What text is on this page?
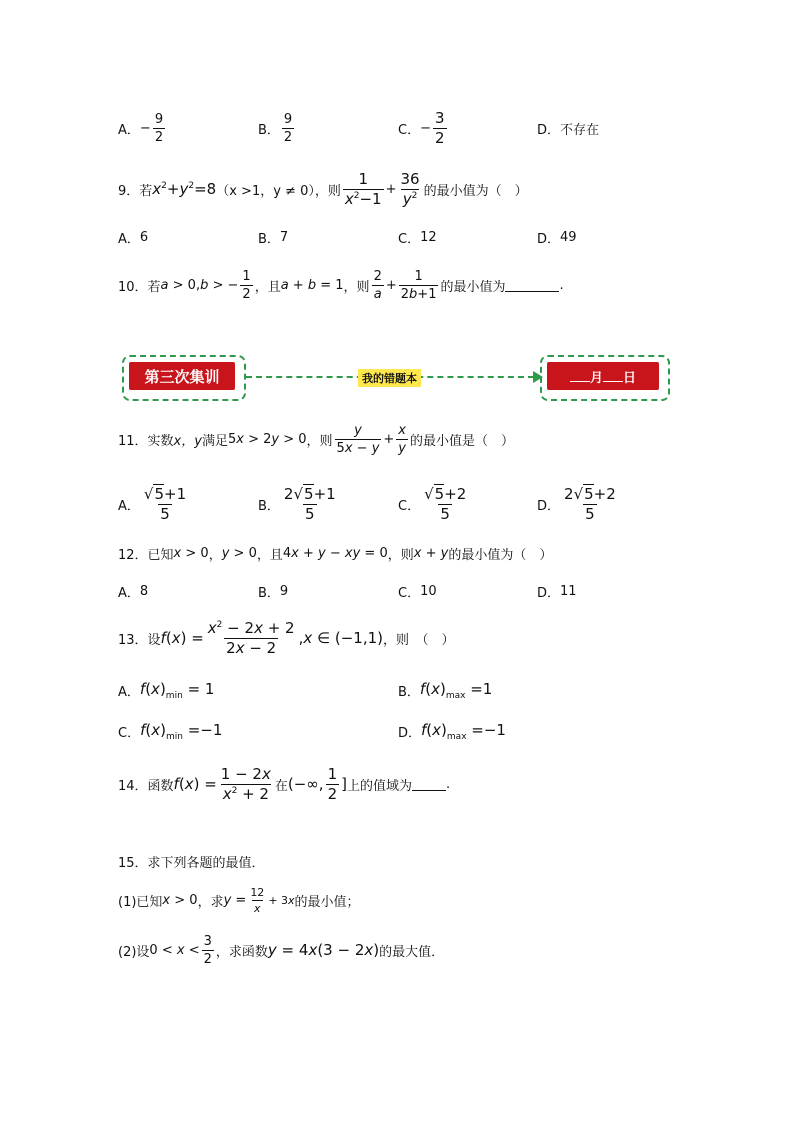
A． − $\frac{9}{2}$	B． $\frac{9}{2}$	C． − $\frac{3}{2}$	D． 不存在
9．若 $x^2+y^2=8$ （x >1，y ≠ 0），则 $\frac{1}{x^2-1} + \frac{36}{y^2}$ 的最小值为（　）
A． 6	B． 7	C． 12	D． 49
10．若 a > 0,b > − $\frac{1}{2}$ ，且 a + b = 1 ，则 $\frac{2}{a} + \frac{1}{2b+1}$ 的最小值为	.
第三次集训	我的错题本	月 日
11．实数 x，y 满足 5x > 2y > 0 ，则 $\frac{y}{5x - y} + \frac{x}{y}$ 的最小值是（　）
A． $\frac{√5+1}{5}$	B． $\frac{2√5+1}{5}$	C． $\frac{√5+2}{5}$	D． $\frac{2√5+2}{5}$
12．已知 x > 0 ， y > 0 ，且 4x + y − xy = 0 ，则 x + y 的最小值为（　）
A． 8	B． 9	C． 10	D． 11
13．设 $f(x) = \frac{x^2 - 2x + 2}{2x - 2} ,x$ ∈ (−1,1) ，则　（　）
A． $f(x)_{min} = 1$	B． $f(x)_{max} =1$
C． $f(x)_{min} =-1$	D． $f(x)_{max} =-1$
14．函数 $f(x) = \frac{1 - 2x}{x^2 + 2}$ 在 (−∞, $\frac{1}{2}$ ] 上的值域为	.
15．求下列各题的最值．
(1)已知 x > 0 ，求 $y = \frac{12}{x} + 3x$ 的最小值；
(2)设 $0 < x < \frac{3}{2}$ ，求函数 y = 4x(3 − 2x) 的最大值．
